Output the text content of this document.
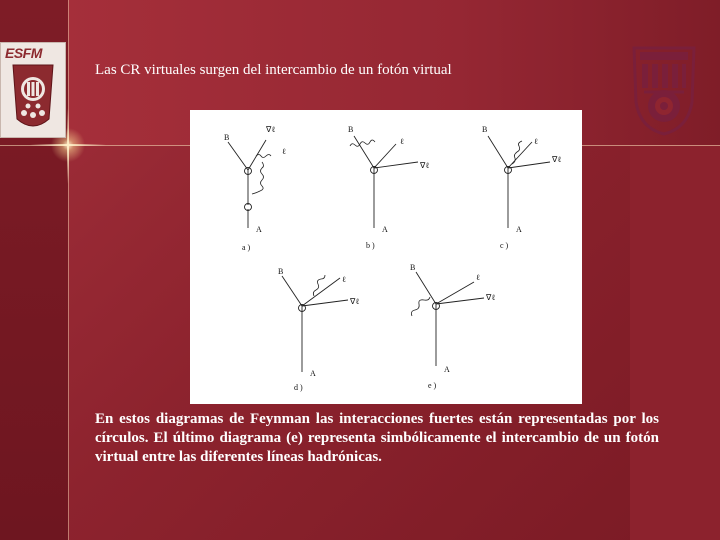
ESFM
Las CR virtuales surgen del intercambio de un fotón virtual
B
∇ℓ
ℓ
A
a )
B
ℓ
∇ℓ
A
b )
B
ℓ
∇ℓ
A
c )
B
ℓ
∇ℓ
A
d )
B
ℓ
∇ℓ
A
e )
En estos diagramas de Feynman las interacciones fuertes están representadas por los círculos. El último diagrama (e) representa simbólicamente el intercambio de un fotón virtual entre las diferentes líneas hadrónicas.
